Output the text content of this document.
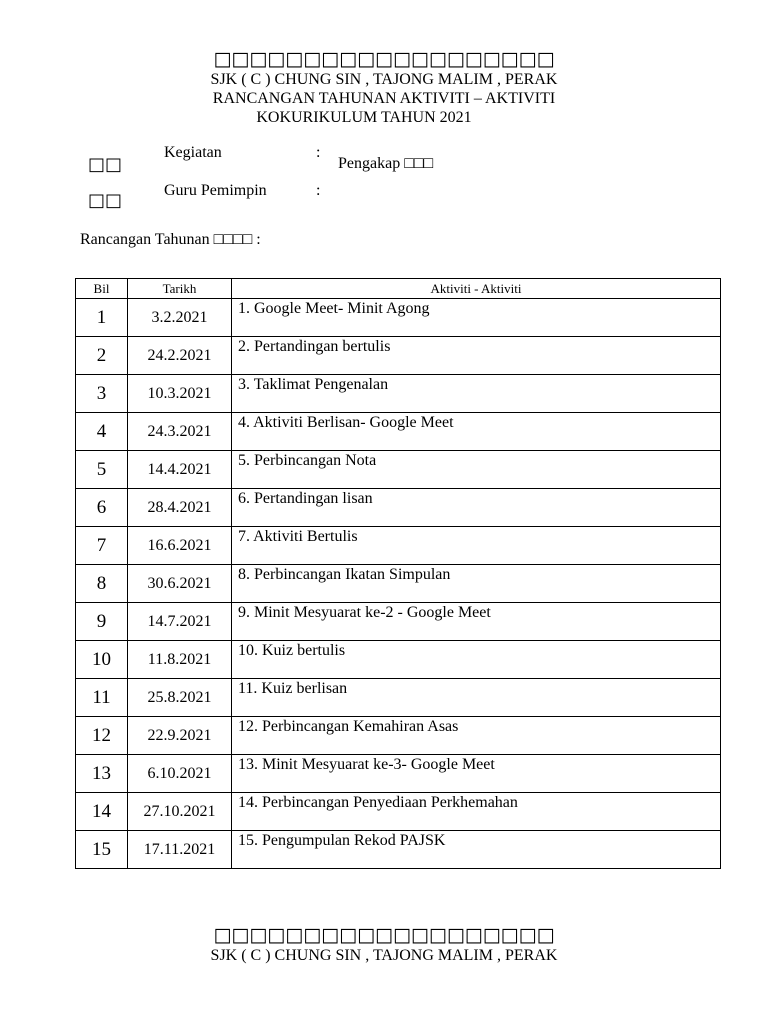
□□□□□□□□□□□□□□□□□□□
SJK ( C ) CHUNG SIN , TAJONG MALIM , PERAK
RANCANGAN TAHUNAN AKTIVITI – AKTIVITI
KOKURIKULUM TAHUN 2021
□□
□□
Kegiatan	:
Pengakap □□□
Guru Pemimpin	:
Rancangan Tahunan □□□□ :
Bil	Tarikh	Aktiviti - Aktiviti
1	3.2.2021	1. Google Meet- Minit Agong
2	24.2.2021	2. Pertandingan bertulis
3	10.3.2021	3. Taklimat Pengenalan
4	24.3.2021	4. Aktiviti Berlisan- Google Meet
5	14.4.2021	5. Perbincangan Nota
6	28.4.2021	6. Pertandingan lisan
7	16.6.2021	7. Aktiviti Bertulis
8	30.6.2021	8. Perbincangan Ikatan Simpulan
9	14.7.2021	9. Minit Mesyuarat ke-2 - Google Meet
10	11.8.2021	10. Kuiz bertulis
11	25.8.2021	11. Kuiz berlisan
12	22.9.2021	12. Perbincangan Kemahiran Asas
13	6.10.2021	13. Minit Mesyuarat ke-3- Google Meet
14	27.10.2021	14. Perbincangan Penyediaan Perkhemahan
15	17.11.2021	15. Pengumpulan Rekod PAJSK
□□□□□□□□□□□□□□□□□□□
SJK ( C ) CHUNG SIN , TAJONG MALIM , PERAK
